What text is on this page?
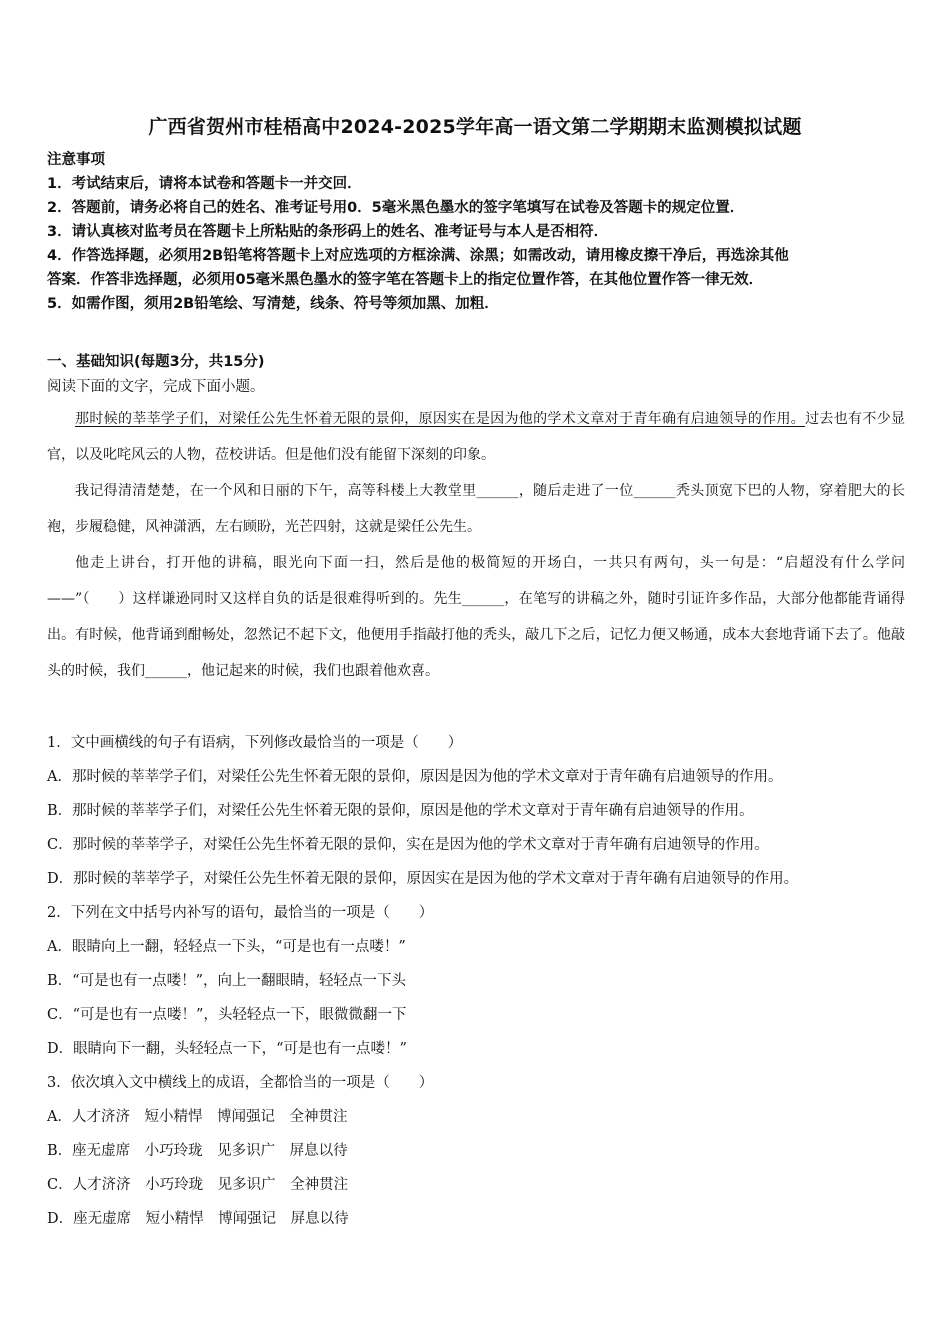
广西省贺州市桂梧高中2024-2025学年高一语文第二学期期末监测模拟试题

注意事项

1．考试结束后，请将本试卷和答题卡一并交回．

2．答题前，请务必将自己的姓名、准考证号用0．5毫米黑色墨水的签字笔填写在试卷及答题卡的规定位置．

3．请认真核对监考员在答题卡上所粘贴的条形码上的姓名、准考证号与本人是否相符．

4．作答选择题，必须用2B铅笔将答题卡上对应选项的方框涂满、涂黑；如需改动，请用橡皮擦干净后，再选涂其他

答案．作答非选择题，必须用05毫米黑色墨水的签字笔在答题卡上的指定位置作答，在其他位置作答一律无效．

5．如需作图，须用2B铅笔绘、写清楚，线条、符号等须加黑、加粗．

一、基础知识(每题3分，共15分)
阅读下面的文字，完成下面小题。

那时候的莘莘学子们，对梁任公先生怀着无限的景仰，原因实在是因为他的学术文章对于青年确有启迪领导的作用。过去也有不少显官，以及叱咤风云的人物，莅校讲话。但是他们没有能留下深刻的印象。

我记得清清楚楚，在一个风和日丽的下午，高等科楼上大教堂里______，随后走进了一位______秃头顶宽下巴的人物，穿着肥大的长袍，步履稳健，风神潇洒，左右顾盼，光芒四射，这就是梁任公先生。

他走上讲台，打开他的讲稿，眼光向下面一扫，然后是他的极简短的开场白，一共只有两句，头一句是：“启超没有什么学问——”（　　）这样谦逊同时又这样自负的话是很难得听到的。先生______，在笔写的讲稿之外，随时引证许多作品，大部分他都能背诵得出。有时候，他背诵到酣畅处，忽然记不起下文，他便用手指敲打他的秃头，敲几下之后，记忆力便又畅通，成本大套地背诵下去了。他敲头的时候，我们______，他记起来的时候，我们也跟着他欢喜。

1．文中画横线的句子有语病，下列修改最恰当的一项是（　　）
A．那时候的莘莘学子们，对梁任公先生怀着无限的景仰，原因是因为他的学术文章对于青年确有启迪领导的作用。
B．那时候的莘莘学子们，对梁任公先生怀着无限的景仰，原因是他的学术文章对于青年确有启迪领导的作用。
C．那时候的莘莘学子，对梁任公先生怀着无限的景仰，实在是因为他的学术文章对于青年确有启迪领导的作用。
D．那时候的莘莘学子，对梁任公先生怀着无限的景仰，原因实在是因为他的学术文章对于青年确有启迪领导的作用。
2．下列在文中括号内补写的语句，最恰当的一项是（　　）
A．眼睛向上一翻，轻轻点一下头，“可是也有一点喽！”
B．“可是也有一点喽！”，向上一翻眼睛，轻轻点一下头
C．“可是也有一点喽！”，头轻轻点一下，眼微微翻一下
D．眼睛向下一翻，头轻轻点一下，“可是也有一点喽！”
3．依次填入文中横线上的成语，全都恰当的一项是（　　）
A．人才济济　短小精悍　博闻强记　全神贯注
B．座无虚席　小巧玲珑　见多识广　屏息以待
C．人才济济　小巧玲珑　见多识广　全神贯注
D．座无虚席　短小精悍　博闻强记　屏息以待
